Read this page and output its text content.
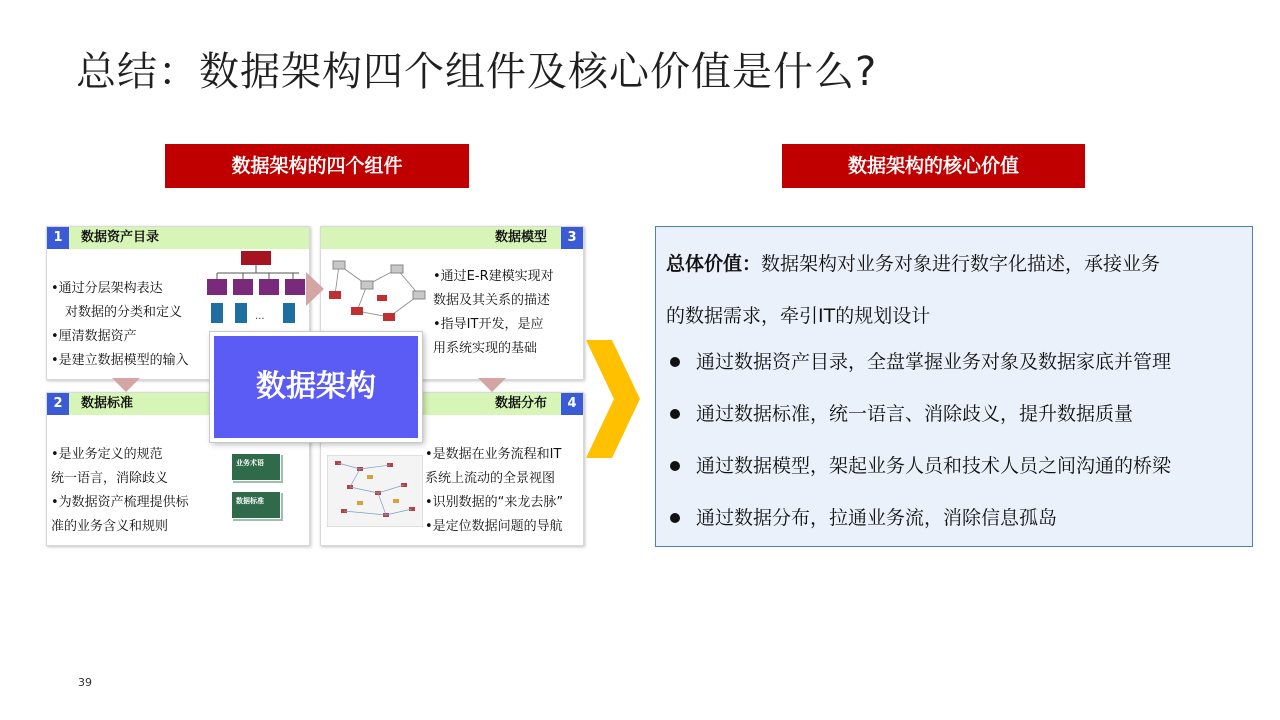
总结：数据架构四个组件及核心价值是什么?
数据架构的四个组件	数据架构的核心价值
1	数据资产目录
•通过分层架构表达
对数据的分类和定义
•厘清数据资产
•是建立数据模型的输入
...
数据模型	3
•通过E-R建模实现对
数据及其关系的描述
•指导IT开发，是应
用系统实现的基础
2	数据标准
•是业务定义的规范
统一语言，消除歧义
•为数据资产梳理提供标
准的业务含义和规则
业务术语
数据标准
数据分布	4
•是数据在业务流程和IT
系统上流动的全景视图
•识别数据的“来龙去脉”
•是定位数据问题的导航
数据架构
总体价值：数据架构对业务对象进行数字化描述，承接业务
的数据需求，牵引IT的规划设计
通过数据资产目录，全盘掌握业务对象及数据家底并管理
通过数据标准，统一语言、消除歧义，提升数据质量
通过数据模型，架起业务人员和技术人员之间沟通的桥梁
通过数据分布，拉通业务流，消除信息孤岛
39
